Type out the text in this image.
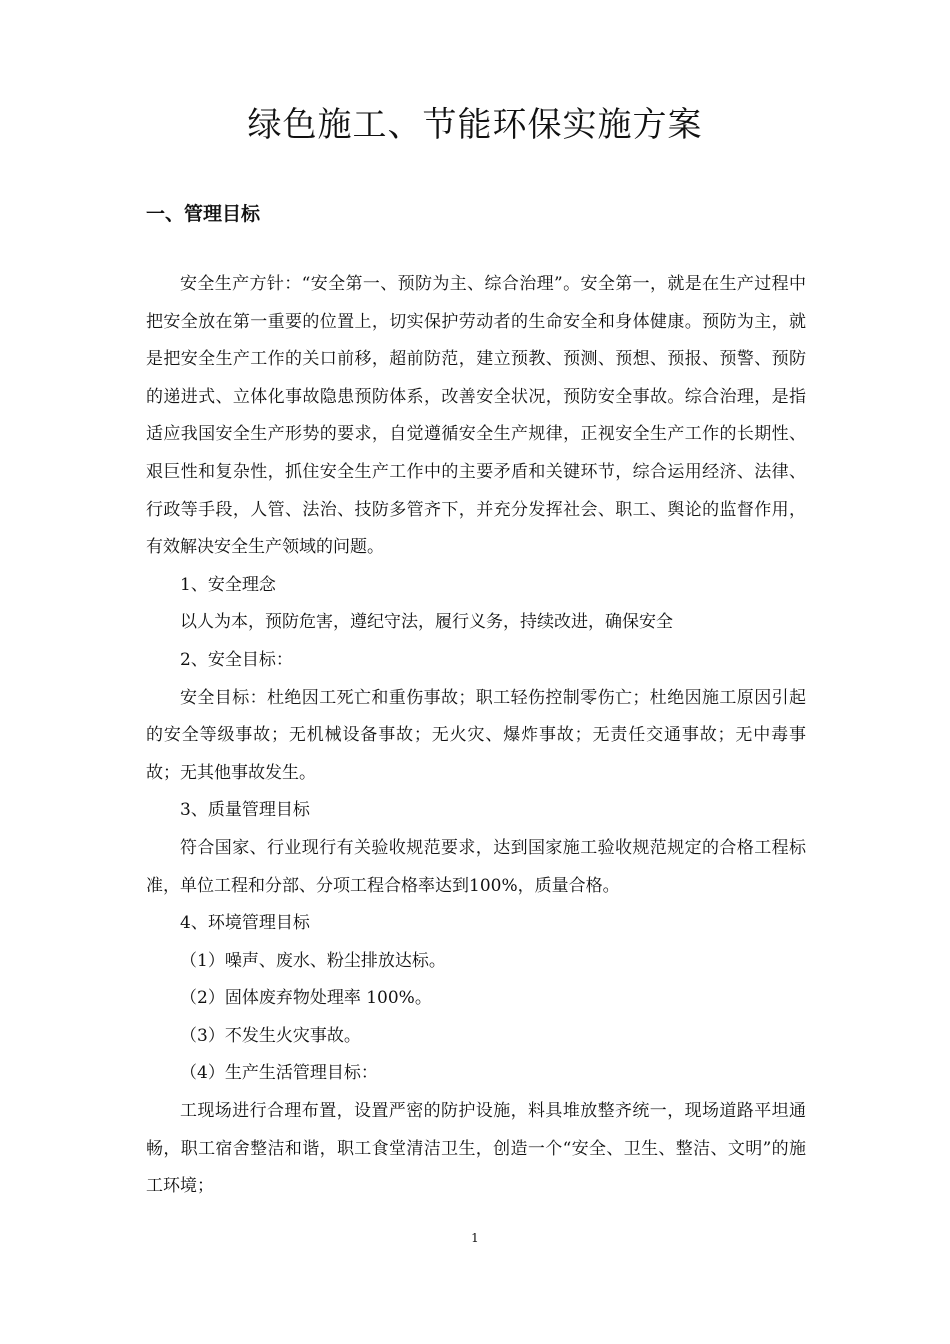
绿色施工、节能环保实施方案
一、管理目标

安全生产方针：“安全第一、预防为主、综合治理”。安全第一，就是在生产过程中把安全放在第一重要的位置上，切实保护劳动者的生命安全和身体健康。预防为主，就是把安全生产工作的关口前移，超前防范，建立预教、预测、预想、预报、预警、预防的递进式、立体化事故隐患预防体系，改善安全状况，预防安全事故。综合治理，是指适应我国安全生产形势的要求，自觉遵循安全生产规律，正视安全生产工作的长期性、艰巨性和复杂性，抓住安全生产工作中的主要矛盾和关键环节，综合运用经济、法律、行政等手段，人管、法治、技防多管齐下，并充分发挥社会、职工、舆论的监督作用，有效解决安全生产领域的问题。

1、安全理念

以人为本，预防危害，遵纪守法，履行义务，持续改进，确保安全

2、安全目标：

安全目标：杜绝因工死亡和重伤事故；职工轻伤控制零伤亡；杜绝因施工原因引起的安全等级事故；无机械设备事故；无火灾、爆炸事故；无责任交通事故；无中毒事故；无其他事故发生。

3、质量管理目标

符合国家、行业现行有关验收规范要求，达到国家施工验收规范规定的合格工程标准，单位工程和分部、分项工程合格率达到100%，质量合格。

4、环境管理目标

（1）噪声、废水、粉尘排放达标。

（2）固体废弃物处理率 100%。

（3）不发生火灾事故。

（4）生产生活管理目标：

工现场进行合理布置，设置严密的防护设施，料具堆放整齐统一，现场道路平坦通畅，职工宿舍整洁和谐，职工食堂清洁卫生，创造一个“安全、卫生、整洁、文明”的施工环境；

1
